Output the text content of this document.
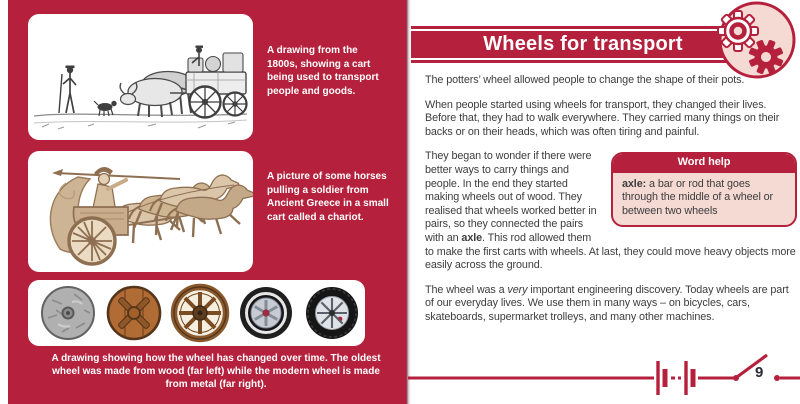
A drawing from the 1800s, showing a cart being used to transport people and goods.
A picture of some horses pulling a soldier from Ancient Greece in a small cart called a chariot.
A drawing showing how the wheel has changed over time. The oldest wheel was made from wood (far left) while the modern wheel is made from metal (far right).
Wheels for transport

The potters’ wheel allowed people to change the shape of their pots.

When people started using wheels for transport, they changed their lives. Before that, they had to walk everywhere. They carried many things on their backs or on their heads, which was often tiring and painful.

Word help
axle: a bar or rod that goes through the middle of a wheel or between two wheels
They began to wonder if there were better ways to carry things and people. In the end they started making wheels out of wood. They realised that wheels worked better in pairs, so they connected the pairs with an axle. This rod allowed them to make the first carts with wheels. At last, they could move heavy objects more easily across the ground.

The wheel was a very important engineering discovery. Today wheels are part of our everyday lives. We use them in many ways – on bicycles, cars, skateboards, supermarket trolleys, and many other machines.

9
